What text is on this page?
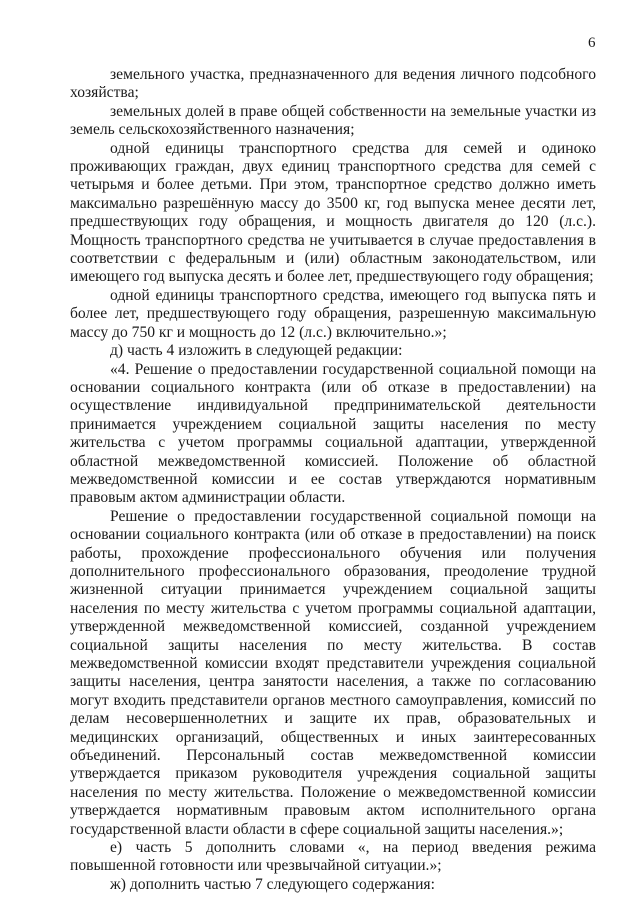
6

земельного участка, предназначенного для ведения личного подсобного хозяйства;

земельных долей в праве общей собственности на земельные участки из земель сельскохозяйственного назначения;

одной единицы транспортного средства для семей и одиноко проживающих граждан, двух единиц транспортного средства для семей с четырьмя и более детьми. При этом, транспортное средство должно иметь максимально разрешённую массу до 3500 кг, год выпуска менее десяти лет, предшествующих году обращения, и мощность двигателя до 120 (л.с.). Мощность транспортного средства не учитывается в случае предоставления в соответствии с федеральным и (или) областным законодательством, или имеющего год выпуска десять и более лет, предшествующего году обращения;

одной единицы транспортного средства, имеющего год выпуска пять и более лет, предшествующего году обращения, разрешенную максимальную массу до 750 кг и мощность до 12 (л.с.) включительно.»;

д) часть 4 изложить в следующей редакции:

«4. Решение о предоставлении государственной социальной помощи на основании социального контракта (или об отказе в предоставлении) на осуществление индивидуальной предпринимательской деятельности принимается учреждением социальной защиты населения по месту жительства с учетом программы социальной адаптации, утвержденной областной межведомственной комиссией. Положение об областной межведомственной комиссии и ее состав утверждаются нормативным правовым актом администрации области.

Решение о предоставлении государственной социальной помощи на основании социального контракта (или об отказе в предоставлении) на поиск работы, прохождение профессионального обучения или получения дополнительного профессионального образования, преодоление трудной жизненной ситуации принимается учреждением социальной защиты населения по месту жительства с учетом программы социальной адаптации, утвержденной межведомственной комиссией, созданной учреждением социальной защиты населения по месту жительства. В состав межведомственной комиссии входят представители учреждения социальной защиты населения, центра занятости населения, а также по согласованию могут входить представители органов местного самоуправления, комиссий по делам несовершеннолетних и защите их прав, образовательных и медицинских организаций, общественных и иных заинтересованных объединений. Персональный состав межведомственной комиссии утверждается приказом руководителя учреждения социальной защиты населения по месту жительства. Положение о межведомственной комиссии утверждается нормативным правовым актом исполнительного органа государственной власти области в сфере социальной защиты населения.»;

е) часть 5 дополнить словами «, на период введения режима повышенной готовности или чрезвычайной ситуации.»;

ж) дополнить частью 7 следующего содержания:
